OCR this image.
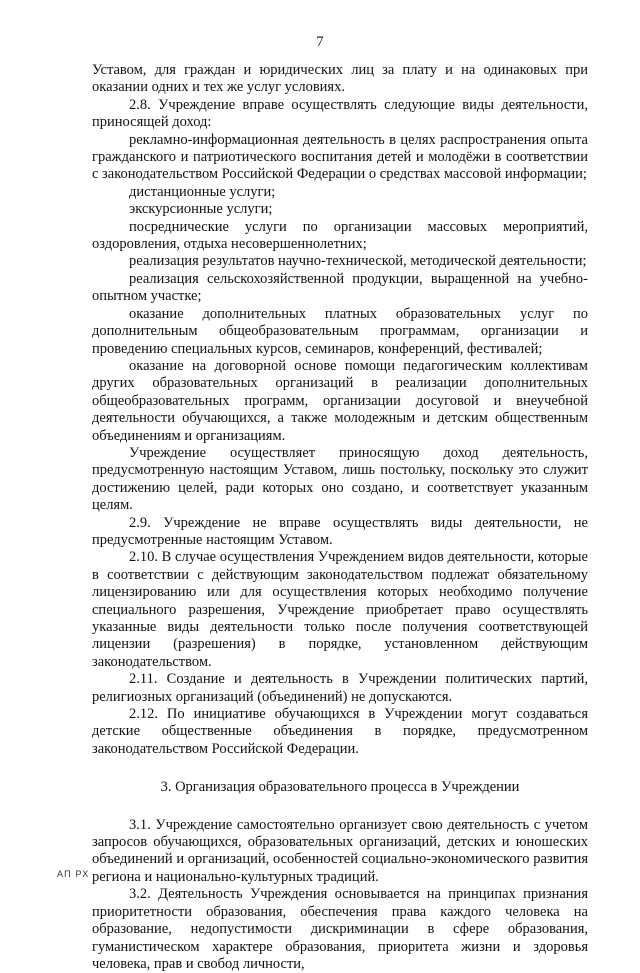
7

Уставом, для граждан и юридических лиц за плату и на одинаковых при оказании одних и тех же услуг условиях.

2.8. Учреждение вправе осуществлять следующие виды деятельности, приносящей доход:

рекламно-информационная деятельность в целях распространения опыта гражданского и патриотического воспитания детей и молодёжи в соответствии с законодательством Российской Федерации о средствах массовой информации;

дистанционные услуги;

экскурсионные услуги;

посреднические услуги по организации массовых мероприятий, оздоровления, отдыха несовершеннолетних;

реализация результатов научно-технической, методической деятельности;

реализация сельскохозяйственной продукции, выращенной на учебно-опытном участке;

оказание дополнительных платных образовательных услуг по дополнительным общеобразовательным программам, организации и проведению специальных курсов, семинаров, конференций, фестивалей;

оказание на договорной основе помощи педагогическим коллективам других образовательных организаций в реализации дополнительных общеобразовательных программ, организации досуговой и внеучебной деятельности обучающихся, а также молодежным и детским общественным объединениям и организациям.

Учреждение осуществляет приносящую доход деятельность, предусмотренную настоящим Уставом, лишь постольку, поскольку это служит достижению целей, ради которых оно создано, и соответствует указанным целям.

2.9. Учреждение не вправе осуществлять виды деятельности, не предусмотренные настоящим Уставом.

2.10. В случае осуществления Учреждением видов деятельности, которые в соответствии с действующим законодательством подлежат обязательному лицензированию или для осуществления которых необходимо получение специального разрешения, Учреждение приобретает право осуществлять указанные виды деятельности только после получения соответствующей лицензии (разрешения) в порядке, установленном действующим законодательством.

2.11. Создание и деятельность в Учреждении политических партий, религиозных организаций (объединений) не допускаются.

2.12. По инициативе обучающихся в Учреждении могут создаваться детские общественные объединения в порядке, предусмотренном законодательством Российской Федерации.

3. Организация образовательного процесса в Учреждении

3.1. Учреждение самостоятельно организует свою деятельность с учетом запросов обучающихся, образовательных организаций, детских и юношеских объединений и организаций, особенностей социально-экономического развития региона и национально-культурных традиций.

3.2. Деятельность Учреждения основывается на принципах признания приоритетности образования, обеспечения права каждого человека на образование, недопустимости дискриминации в сфере образования, гуманистическом характере образования, приоритета жизни и здоровья человека, прав и свобод личности,

АП РХ
